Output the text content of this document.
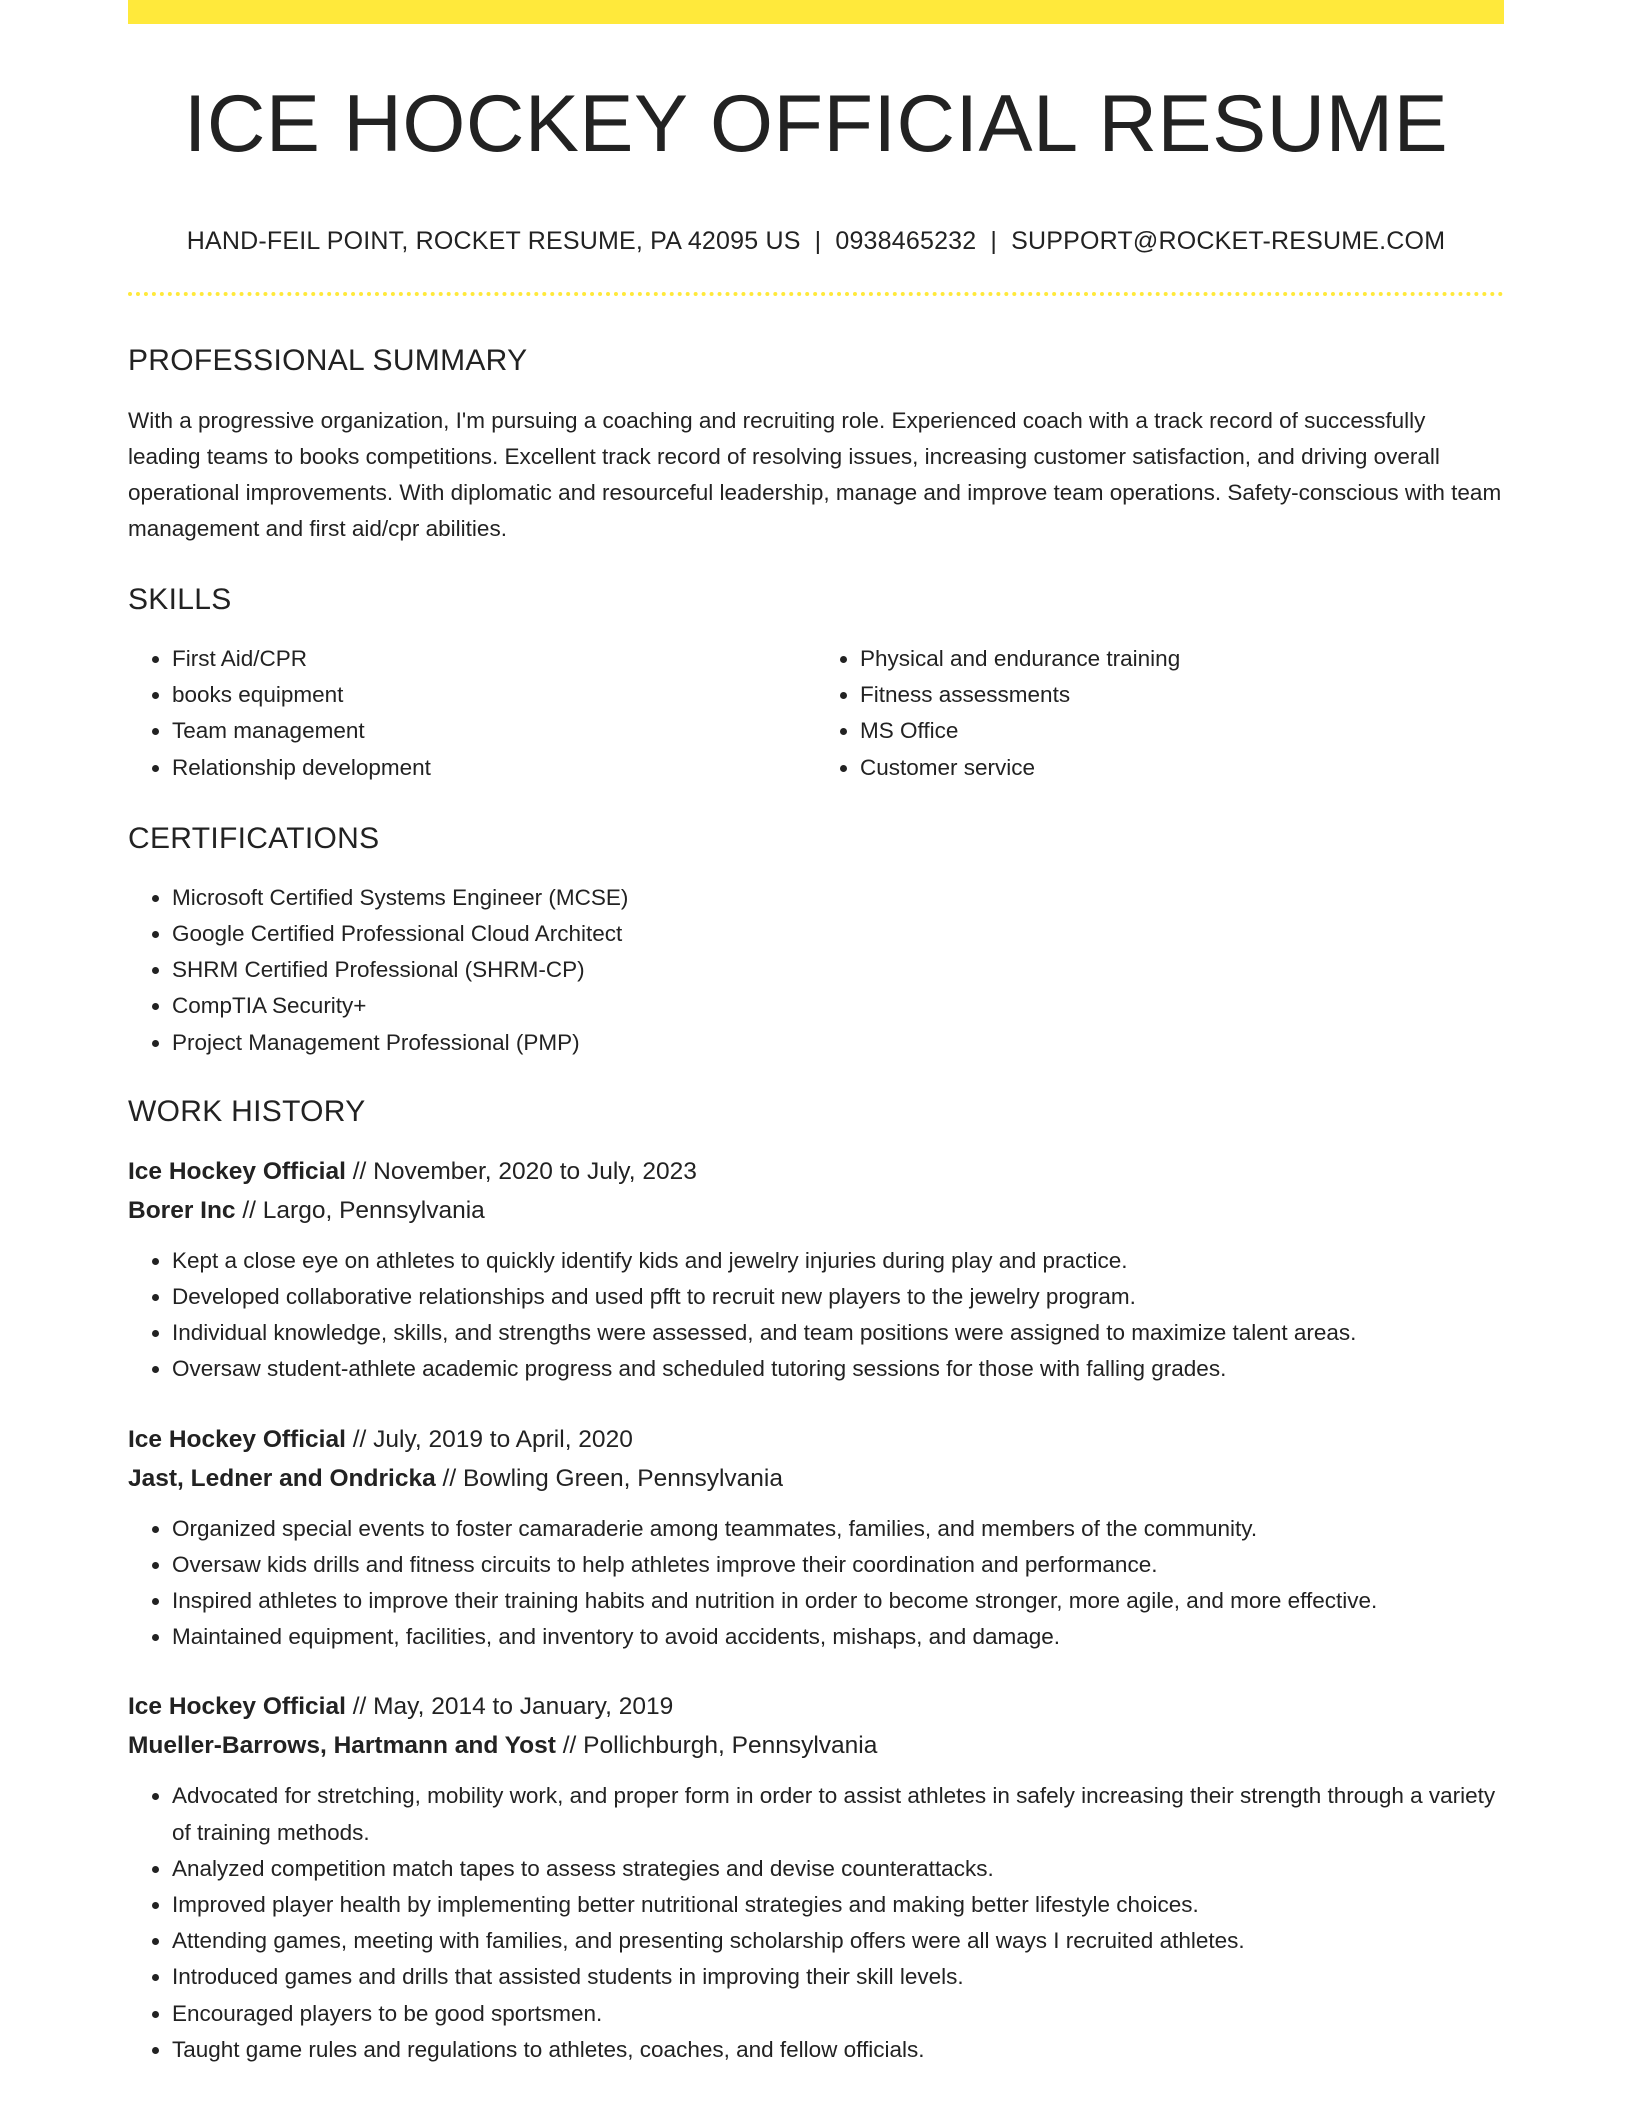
ICE HOCKEY OFFICIAL RESUME
HAND-FEIL POINT, ROCKET RESUME, PA 42095 US | 0938465232 | SUPPORT@ROCKET-RESUME.COM
PROFESSIONAL SUMMARY
With a progressive organization, I'm pursuing a coaching and recruiting role. Experienced coach with a track record of successfully leading teams to books competitions. Excellent track record of resolving issues, increasing customer satisfaction, and driving overall operational improvements. With diplomatic and resourceful leadership, manage and improve team operations. Safety-conscious with team management and first aid/cpr abilities.
SKILLS
• First Aid/CPR
• books equipment
• Team management
• Relationship development
• Physical and endurance training
• Fitness assessments
• MS Office
• Customer service
CERTIFICATIONS
• Microsoft Certified Systems Engineer (MCSE)
• Google Certified Professional Cloud Architect
• SHRM Certified Professional (SHRM-CP)
• CompTIA Security+
• Project Management Professional (PMP)
WORK HISTORY
Ice Hockey Official // November, 2020 to July, 2023
Borer Inc // Largo, Pennsylvania
• Kept a close eye on athletes to quickly identify kids and jewelry injuries during play and practice.
• Developed collaborative relationships and used pfft to recruit new players to the jewelry program.
• Individual knowledge, skills, and strengths were assessed, and team positions were assigned to maximize talent areas.
• Oversaw student-athlete academic progress and scheduled tutoring sessions for those with falling grades.
Ice Hockey Official // July, 2019 to April, 2020
Jast, Ledner and Ondricka // Bowling Green, Pennsylvania
• Organized special events to foster camaraderie among teammates, families, and members of the community.
• Oversaw kids drills and fitness circuits to help athletes improve their coordination and performance.
• Inspired athletes to improve their training habits and nutrition in order to become stronger, more agile, and more effective.
• Maintained equipment, facilities, and inventory to avoid accidents, mishaps, and damage.
Ice Hockey Official // May, 2014 to January, 2019
Mueller-Barrows, Hartmann and Yost // Pollichburgh, Pennsylvania
• Advocated for stretching, mobility work, and proper form in order to assist athletes in safely increasing their strength through a variety of training methods.
• Analyzed competition match tapes to assess strategies and devise counterattacks.
• Improved player health by implementing better nutritional strategies and making better lifestyle choices.
• Attending games, meeting with families, and presenting scholarship offers were all ways I recruited athletes.
• Introduced games and drills that assisted students in improving their skill levels.
• Encouraged players to be good sportsmen.
• Taught game rules and regulations to athletes, coaches, and fellow officials.
